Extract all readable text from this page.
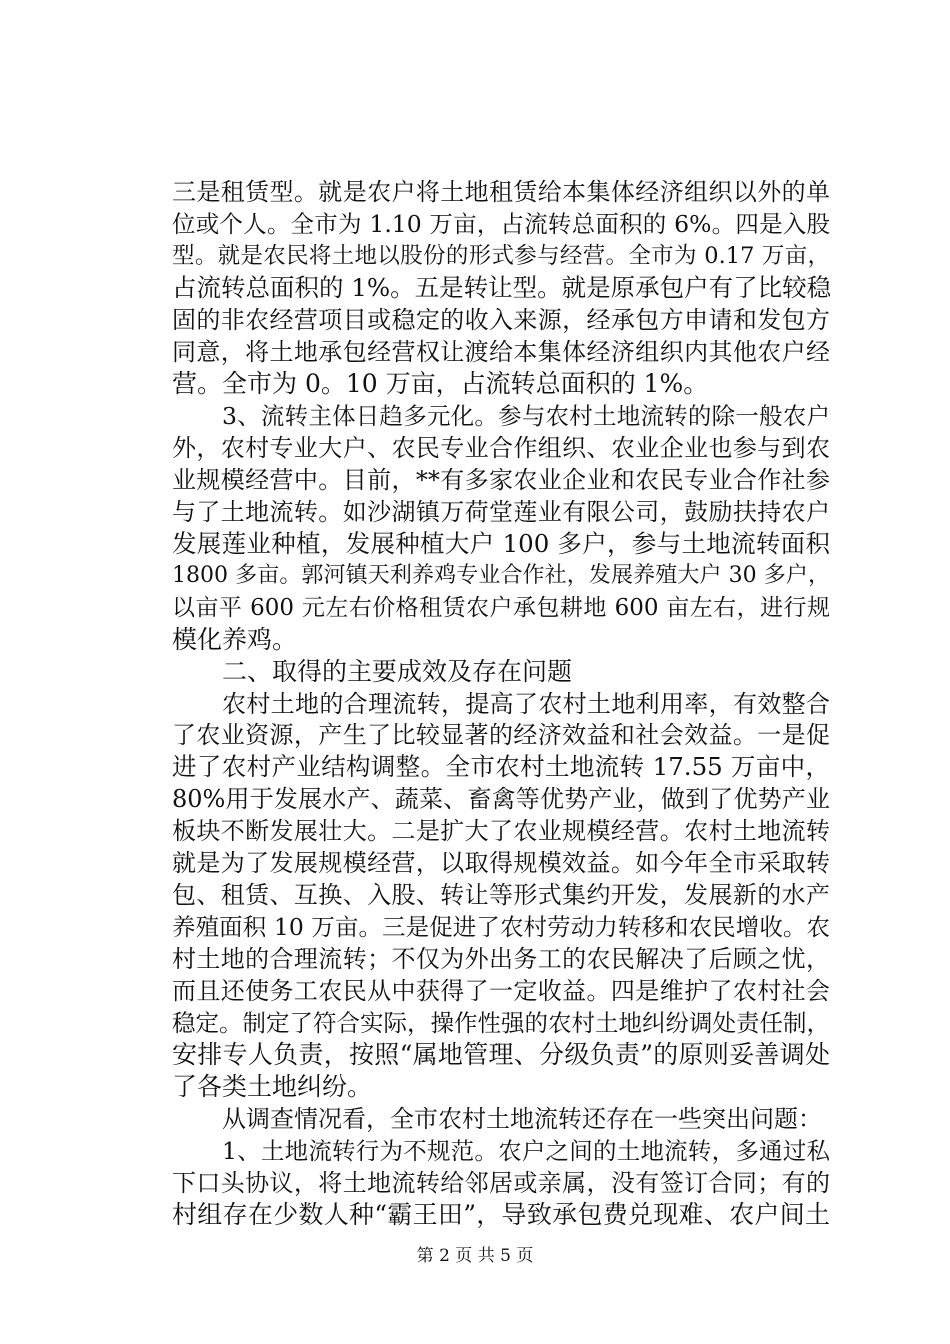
三是租赁型。就是农户将土地租赁给本集体经济组织以外的单
位或个人。全市为 1.10 万亩，占流转总面积的 6%。四是入股
型。就是农民将土地以股份的形式参与经营。全市为 0.17 万亩，
占流转总面积的 1%。五是转让型。就是原承包户有了比较稳
固的非农经营项目或稳定的收入来源，经承包方申请和发包方
同意，将土地承包经营权让渡给本集体经济组织内其他农户经
营。全市为 0。10 万亩，占流转总面积的 1%。
3、流转主体日趋多元化。参与农村土地流转的除一般农户
外，农村专业大户、农民专业合作组织、农业企业也参与到农
业规模经营中。目前，**有多家农业企业和农民专业合作社参
与了土地流转。如沙湖镇万荷堂莲业有限公司，鼓励扶持农户
发展莲业种植，发展种植大户 100 多户，参与土地流转面积
1800 多亩。郭河镇天利养鸡专业合作社，发展养殖大户 30 多户，
以亩平 600 元左右价格租赁农户承包耕地 600 亩左右，进行规
模化养鸡。
二、取得的主要成效及存在问题
农村土地的合理流转，提高了农村土地利用率，有效整合
了农业资源，产生了比较显著的经济效益和社会效益。一是促
进了农村产业结构调整。全市农村土地流转 17.55 万亩中，
80%用于发展水产、蔬菜、畜禽等优势产业，做到了优势产业
板块不断发展壮大。二是扩大了农业规模经营。农村土地流转
就是为了发展规模经营，以取得规模效益。如今年全市采取转
包、租赁、互换、入股、转让等形式集约开发，发展新的水产
养殖面积 10 万亩。三是促进了农村劳动力转移和农民增收。农
村土地的合理流转；不仅为外出务工的农民解决了后顾之忧，
而且还使务工农民从中获得了一定收益。四是维护了农村社会
稳定。制定了符合实际，操作性强的农村土地纠纷调处责任制，
安排专人负责，按照“属地管理、分级负责”的原则妥善调处
了各类土地纠纷。
从调查情况看，全市农村土地流转还存在一些突出问题：
1、土地流转行为不规范。农户之间的土地流转，多通过私
下口头协议，将土地流转给邻居或亲属，没有签订合同；有的
村组存在少数人种“霸王田”，导致承包费兑现难、农户间土
第 2 页 共 5 页
